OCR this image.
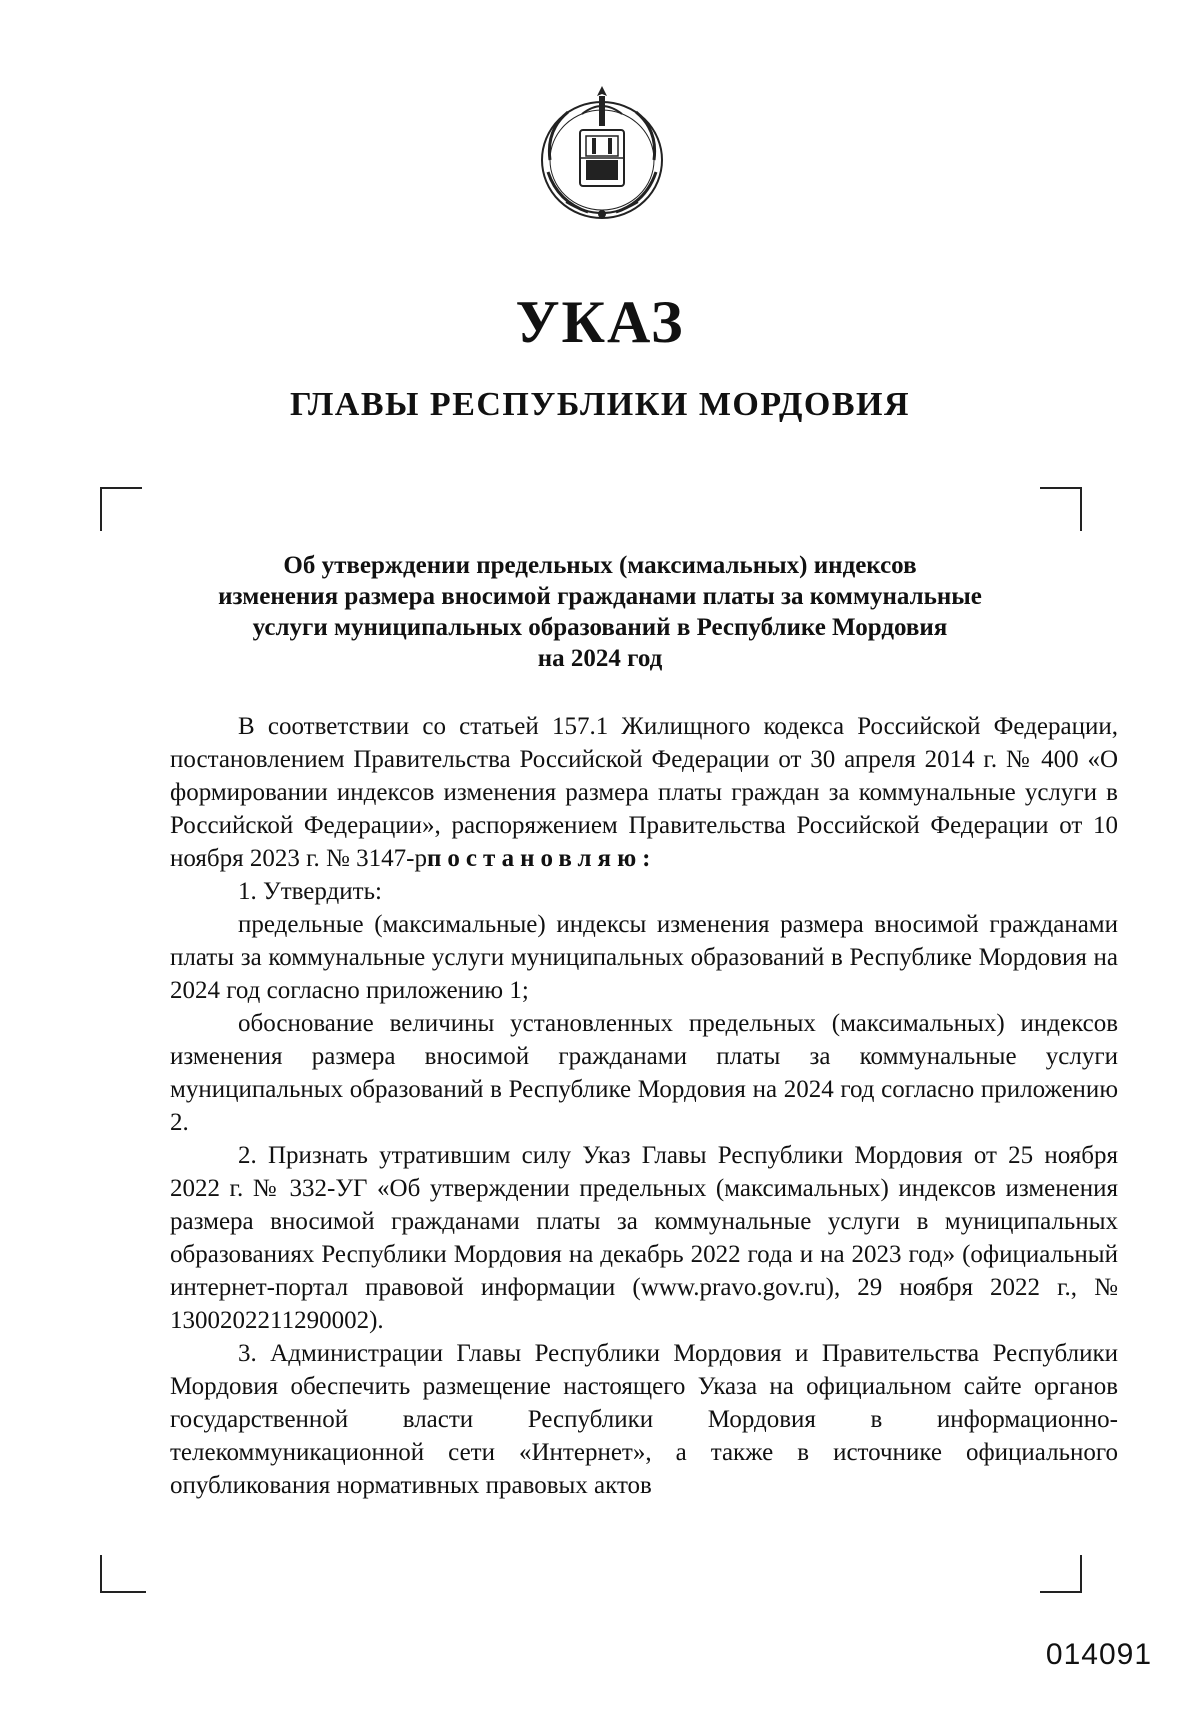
УКАЗ
ГЛАВЫ РЕСПУБЛИКИ МОРДОВИЯ
Об утверждении предельных (максимальных) индексов
изменения размера вносимой гражданами платы за коммунальные
услуги муниципальных образований в Республике Мордовия
на 2024 год

В соответствии со статьей 157.1 Жилищного кодекса Российской Федерации, постановлением Правительства Российской Федерации от 30 апреля 2014 г. № 400 «О формировании индексов изменения размера платы граждан за коммунальные услуги в Российской Федерации», распоряжением Правительства Российской Федерации от 10 ноября 2023 г. № 3147-рпостановляю:

1. Утвердить:

предельные (максимальные) индексы изменения размера вносимой гражданами платы за коммунальные услуги муниципальных образований в Республике Мордовия на 2024 год согласно приложению 1;

обоснование величины установленных предельных (максимальных) индексов изменения размера вносимой гражданами платы за коммунальные услуги муниципальных образований в Республике Мордовия на 2024 год согласно приложению 2.

2. Признать утратившим силу Указ Главы Республики Мордовия от 25 ноября 2022 г. № 332-УГ «Об утверждении предельных (максимальных) индексов изменения размера вносимой гражданами платы за коммунальные услуги в муниципальных образованиях Республики Мордовия на декабрь 2022 года и на 2023 год» (официальный интернет-портал правовой информации (www.pravo.gov.ru), 29 ноября 2022 г., № 1300202211290002).

3. Администрации Главы Республики Мордовия и Правительства Республики Мордовия обеспечить размещение настоящего Указа на официальном сайте органов государственной власти Республики Мордовия в информационно-телекоммуникационной сети «Интернет», а также в источнике официального опубликования нормативных правовых актов

014091
